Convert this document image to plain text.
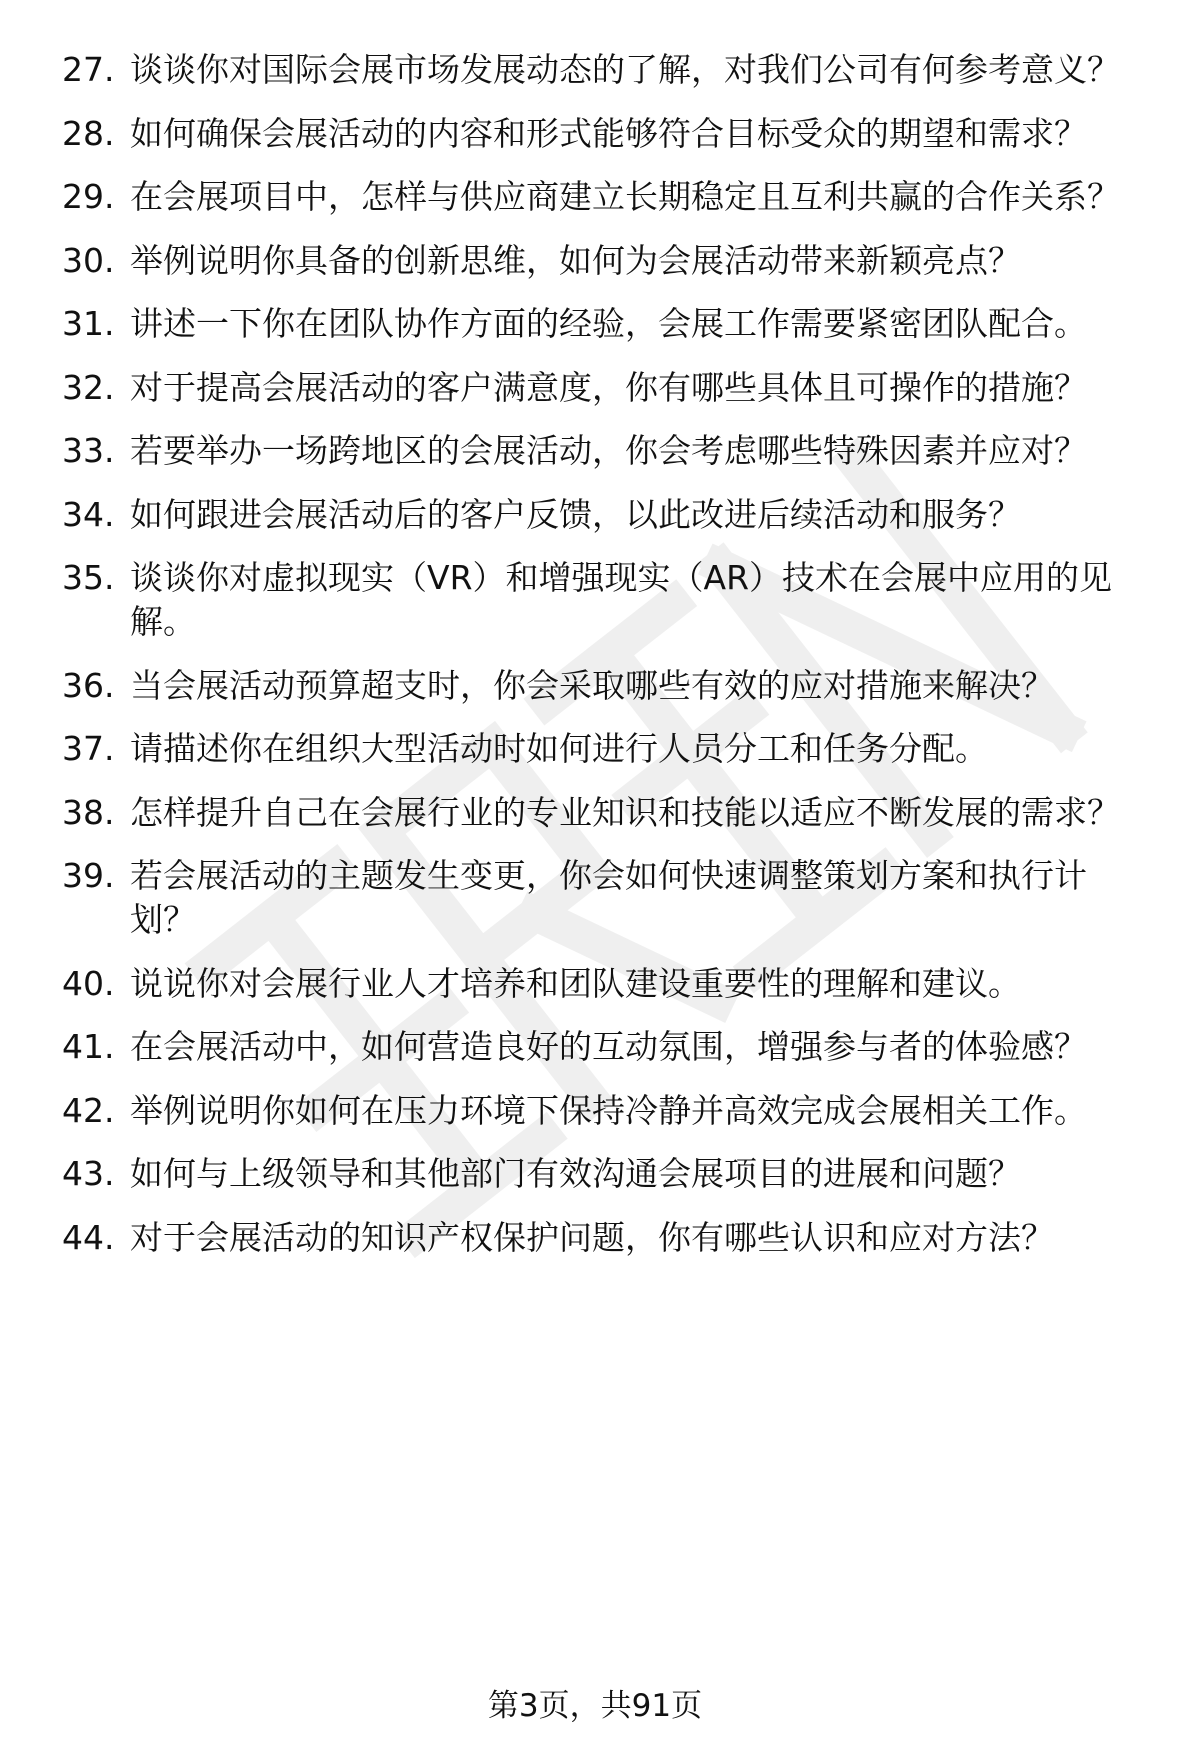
27. 谈谈你对国际会展市场发展动态的了解，对我们公司有何参考意义？
28. 如何确保会展活动的内容和形式能够符合目标受众的期望和需求？
29. 在会展项目中，怎样与供应商建立长期稳定且互利共赢的合作关系？
30. 举例说明你具备的创新思维，如何为会展活动带来新颖亮点？
31. 讲述一下你在团队协作方面的经验，会展工作需要紧密团队配合。
32. 对于提高会展活动的客户满意度，你有哪些具体且可操作的措施？
33. 若要举办一场跨地区的会展活动，你会考虑哪些特殊因素并应对？
34. 如何跟进会展活动后的客户反馈，以此改进后续活动和服务？
35. 谈谈你对虚拟现实（VR）和增强现实（AR）技术在会展中应用的见解。
36. 当会展活动预算超支时，你会采取哪些有效的应对措施来解决？
37. 请描述你在组织大型活动时如何进行人员分工和任务分配。
38. 怎样提升自己在会展行业的专业知识和技能以适应不断发展的需求？
39. 若会展活动的主题发生变更，你会如何快速调整策划方案和执行计划？
40. 说说你对会展行业人才培养和团队建设重要性的理解和建议。
41. 在会展活动中，如何营造良好的互动氛围，增强参与者的体验感？
42. 举例说明你如何在压力环境下保持冷静并高效完成会展相关工作。
43. 如何与上级领导和其他部门有效沟通会展项目的进展和问题？
44. 对于会展活动的知识产权保护问题，你有哪些认识和应对方法？
第3页，共91页
